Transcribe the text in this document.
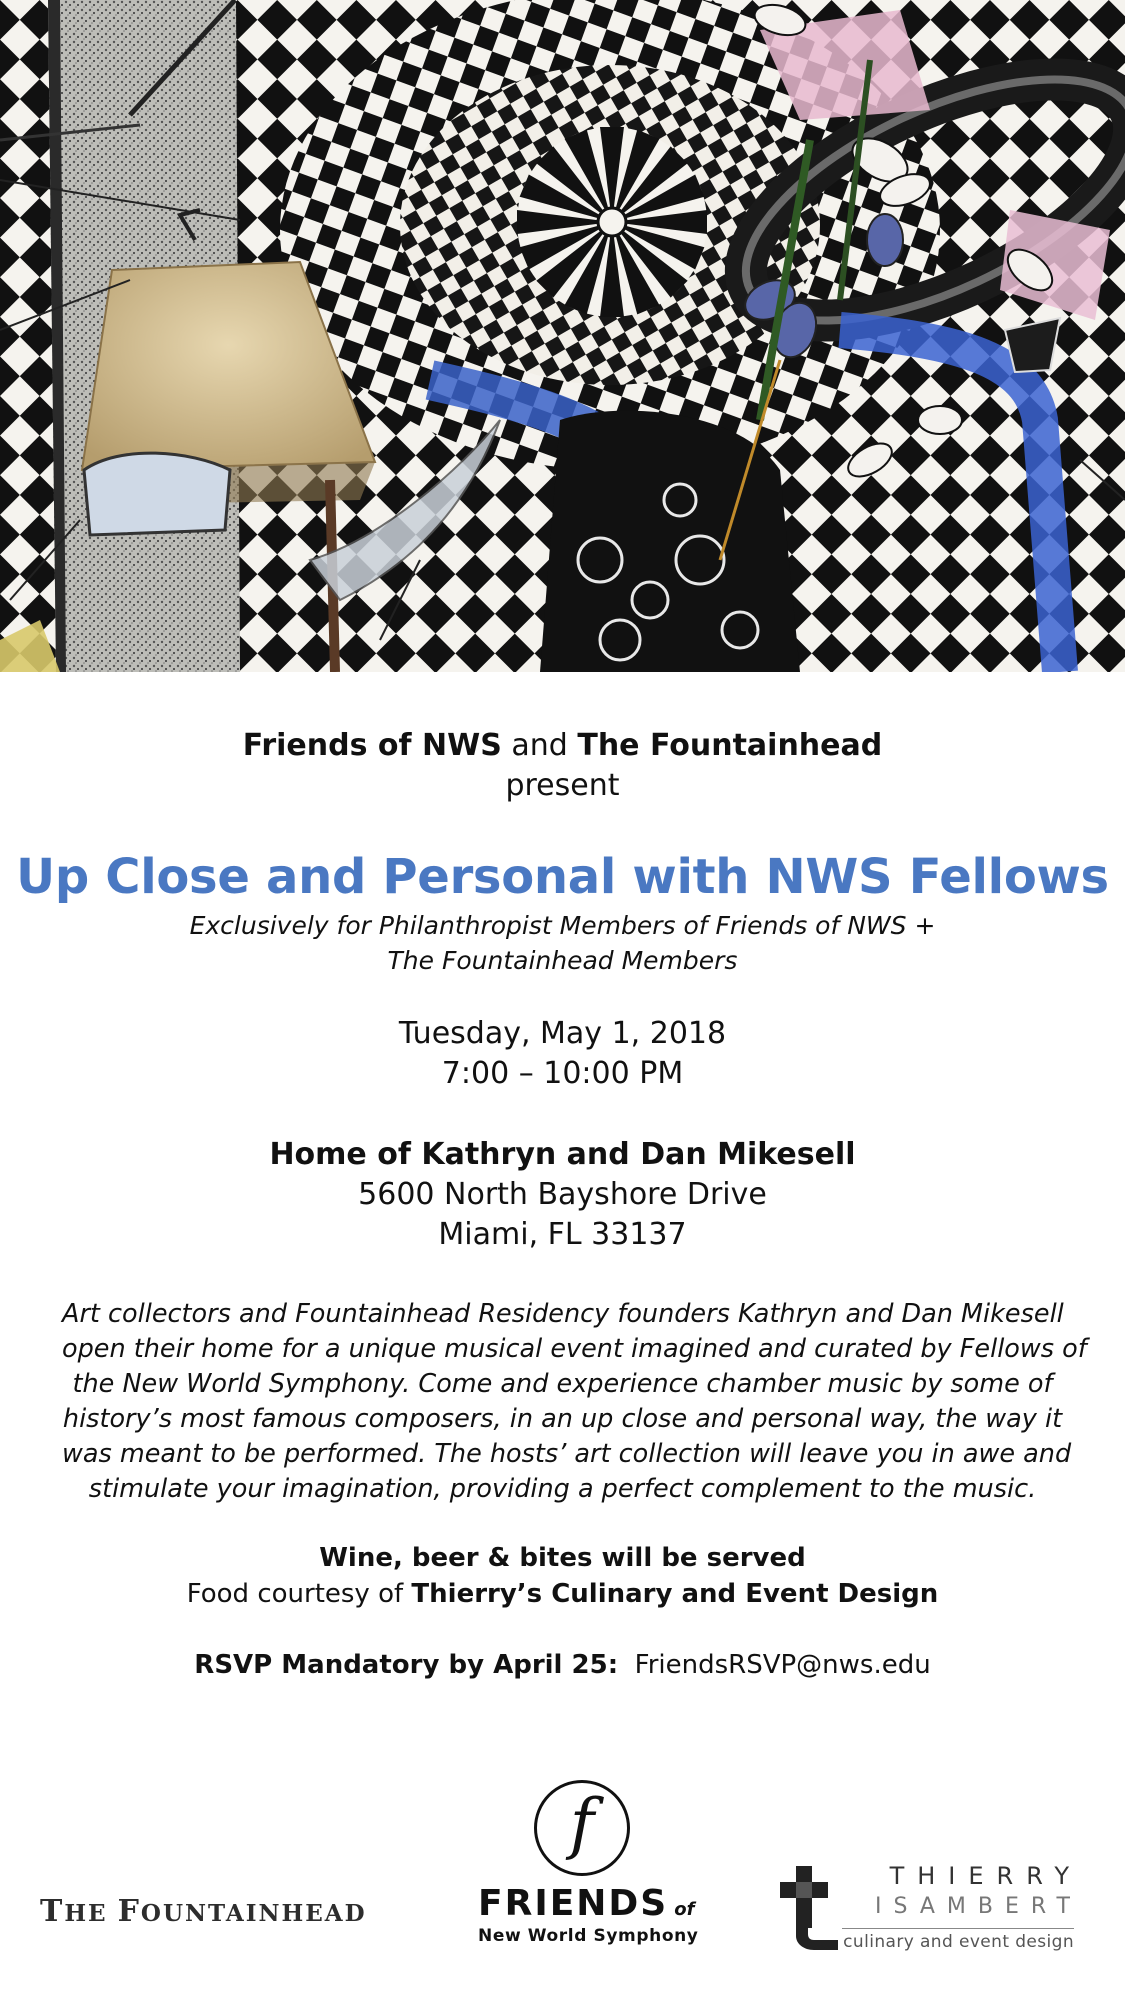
Friends of NWS and The Fountainhead
present
Up Close and Personal with NWS Fellows
Exclusively for Philanthropist Members of Friends of NWS +
The Fountainhead Members
Tuesday, May 1, 2018
7:00 – 10:00 PM
Home of Kathryn and Dan Mikesell
5600 North Bayshore Drive
Miami, FL 33137
Art collectors and Fountainhead Residency founders Kathryn and Dan Mikesell
open their home for a unique musical event imagined and curated by Fellows of
the New World Symphony. Come and experience chamber music by some of
history’s most famous composers, in an up close and personal way, the way it
was meant to be performed. The hosts’ art collection will leave you in awe and
stimulate your imagination, providing a perfect complement to the music.
Wine, beer & bites will be served
Food courtesy of Thierry’s Culinary and Event Design
RSVP Mandatory by April 25: FriendsRSVP@nws.edu
THE FOUNTAINHEAD
f
FRIENDS of
New World Symphony
THIERRY
ISAMBERT
culinary and event design
